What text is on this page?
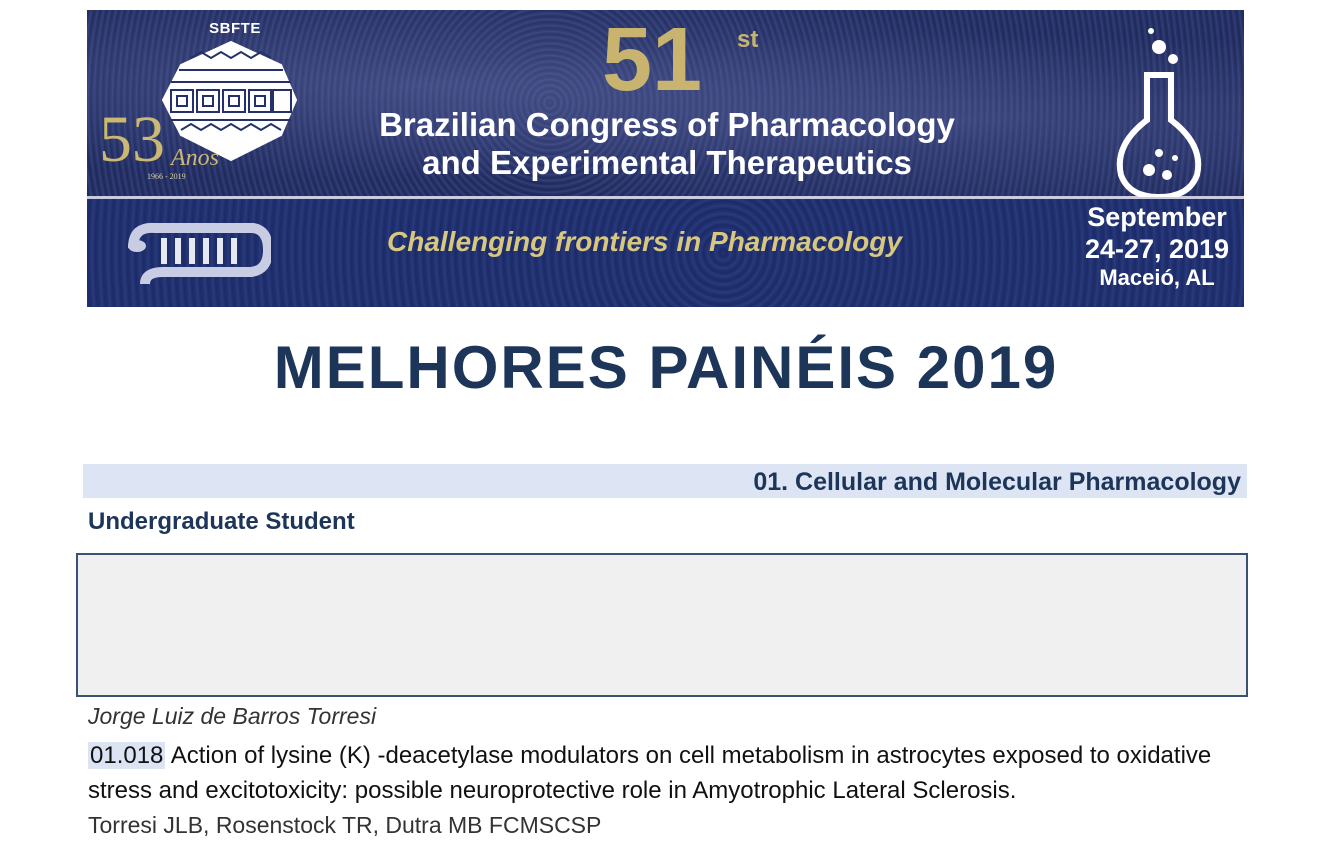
SBFTE
53 Anos
1966 - 2019
51 st
Brazilian Congress of Pharmacology
and Experimental Therapeutics
Challenging frontiers in Pharmacology
September
24-27, 2019
Maceió, AL
MELHORES PAINÉIS 2019
01. Cellular and Molecular Pharmacology
Undergraduate Student
Jorge Luiz de Barros Torresi
01.018 Action of lysine (K) -deacetylase modulators on cell metabolism in astrocytes exposed to oxidative stress and excitotoxicity: possible neuroprotective role in Amyotrophic Lateral Sclerosis.
Torresi JLB, Rosenstock TR, Dutra MB FCMSCSP
